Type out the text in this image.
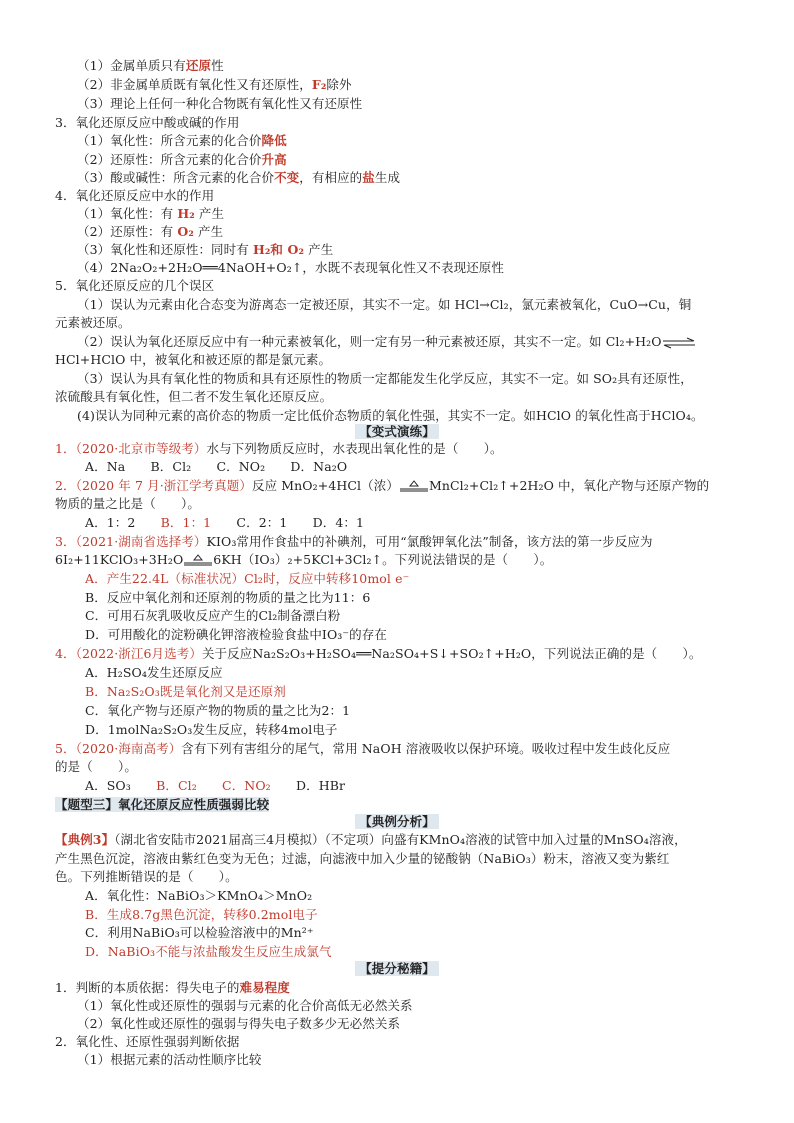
（1）金属单质只有还原性
（2）非金属单质既有氧化性又有还原性，F₂除外
（3）理论上任何一种化合物既有氧化性又有还原性
3．氧化还原反应中酸或碱的作用
（1）氧化性：所含元素的化合价降低
（2）还原性：所含元素的化合价升高
（3）酸或碱性：所含元素的化合价不变，有相应的盐生成
4．氧化还原反应中水的作用
（1）氧化性：有 H₂ 产生
（2）还原性：有 O₂ 产生
（3）氧化性和还原性：同时有 H₂和 O₂ 产生
（4）2Na₂O₂+2H₂O══4NaOH+O₂↑，水既不表现氧化性又不表现还原性
5．氧化还原反应的几个误区
（1）误认为元素由化合态变为游离态一定被还原，其实不一定。如 HCl→Cl₂，氯元素被氧化，CuO→Cu，铜
元素被还原。
（2）误认为氧化还原反应中有一种元素被氧化，则一定有另一种元素被还原，其实不一定。如 Cl₂+H₂O⇌
HCl+HClO 中，被氧化和被还原的都是氯元素。
（3）误认为具有氧化性的物质和具有还原性的物质一定都能发生化学反应，其实不一定。如 SO₂具有还原性，
浓硫酸具有氧化性，但二者不发生氧化还原反应。
(4)误认为同种元素的高价态的物质一定比低价态物质的氧化性强，其实不一定。如HClO 的氧化性高于HClO₄。
【变式演练】
1．（2020·北京市等级考）水与下列物质反应时，水表现出氧化性的是（　　）。
A．Na　　B．Cl₂　　C．NO₂　　D．Na₂O
2．（2020 年 7 月·浙江学考真题）反应 MnO₂+4HCl（浓） MnCl₂+Cl₂↑+2H₂O 中，氧化产物与还原产物的
物质的量之比是（　　）。
A．1：2　　B．1：1　　C．2：1　　D．4：1
3．（2021·湖南省选择考）KIO₃常用作食盐中的补碘剂，可用“氯酸钾氧化法”制备，该方法的第一步反应为
6I₂+11KClO₃+3H₂O 6KH（IO₃）₂+5KCl+3Cl₂↑。下列说法错误的是（　　）。
A．产生22.4L（标准状况）Cl₂时，反应中转移10mol e⁻
B．反应中氧化剂和还原剂的物质的量之比为11：6
C．可用石灰乳吸收反应产生的Cl₂制备漂白粉
D．可用酸化的淀粉碘化钾溶液检验食盐中IO₃⁻的存在
4．（2022·浙江6月选考）关于反应Na₂S₂O₃+H₂SO₄══Na₂SO₄+S↓+SO₂↑+H₂O，下列说法正确的是（　　）。
A．H₂SO₄发生还原反应
B．Na₂S₂O₃既是氧化剂又是还原剂
C．氧化产物与还原产物的物质的量之比为2：1
D．1molNa₂S₂O₃发生反应，转移4mol电子
5．（2020·海南高考）含有下列有害组分的尾气，常用 NaOH 溶液吸收以保护环境。吸收过程中发生歧化反应
的是（　　）。
A．SO₃　　B．Cl₂　　 C．NO₂　　D．HBr
【题型三】氧化还原反应性质强弱比较
【典例分析】
【典例3】（湖北省安陆市2021届高三4月模拟）（不定项）向盛有KMnO₄溶液的试管中加入过量的MnSO₄溶液，
产生黑色沉淀，溶液由紫红色变为无色；过滤，向滤液中加入少量的铋酸钠（NaBiO₃）粉末，溶液又变为紫红
色。下列推断错误的是（　　）。
A．氧化性：NaBiO₃＞KMnO₄＞MnO₂
B．生成8.7g黑色沉淀，转移0.2mol电子
C．利用NaBiO₃可以检验溶液中的Mn²⁺
D．NaBiO₃不能与浓盐酸发生反应生成氯气
【提分秘籍】
1．判断的本质依据：得失电子的难易程度
（1）氧化性或还原性的强弱与元素的化合价高低无必然关系
（2）氧化性或还原性的强弱与得失电子数多少无必然关系
2．氧化性、还原性强弱判断依据
（1）根据元素的活动性顺序比较
